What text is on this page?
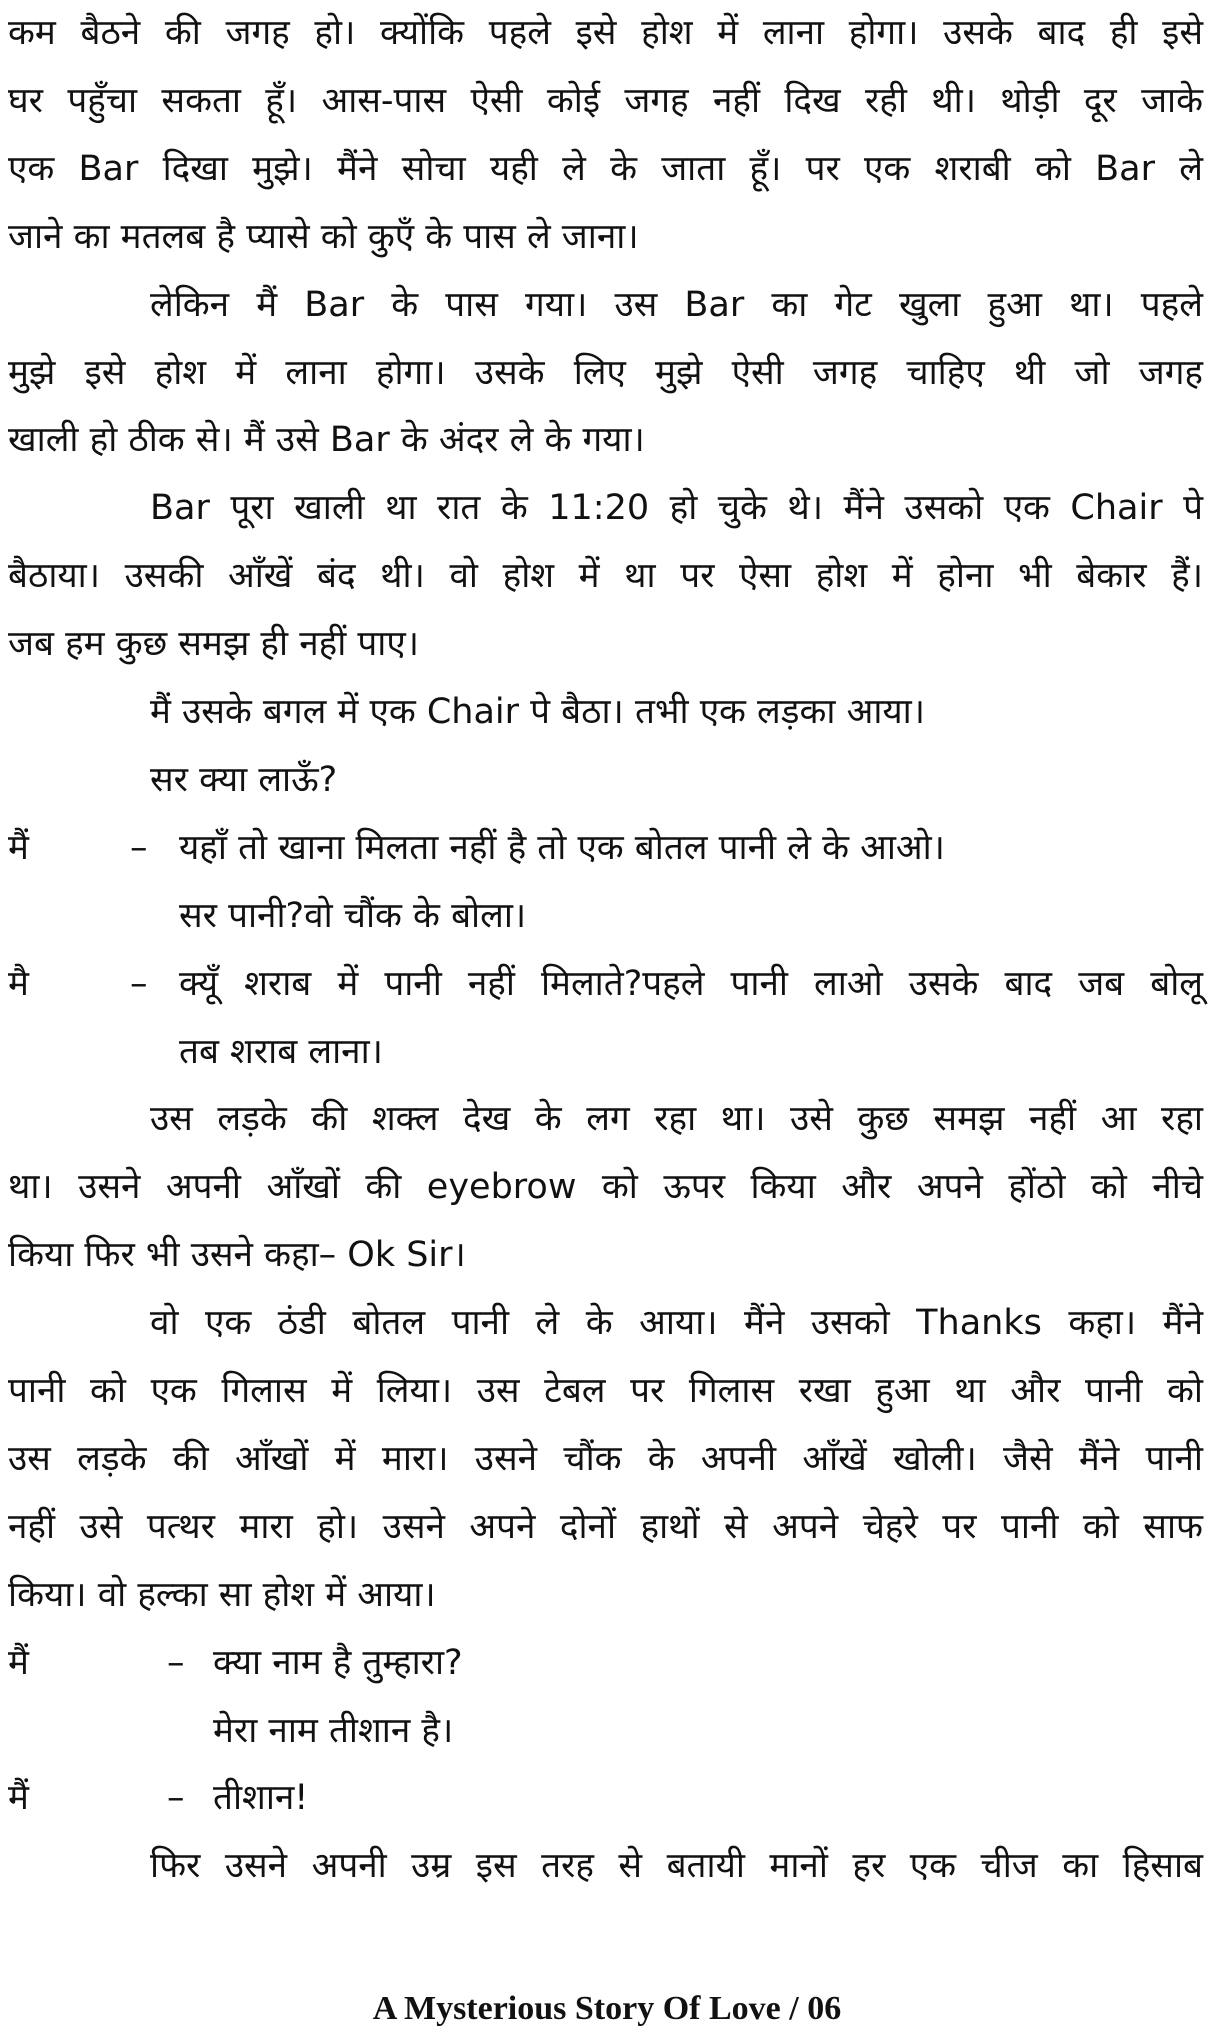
कम बैठने की जगह हो। क्योंकि पहले इसे होश में लाना होगा। उसके बाद ही इसे
घर पहुँचा सकता हूँ। आस-पास ऐसी कोई जगह नहीं दिख रही थी। थोड़ी दूर जाके
एक Bar दिखा मुझे। मैंने सोचा यही ले के जाता हूँ। पर एक शराबी को Bar ले
जाने का मतलब है प्यासे को कुएँ के पास ले जाना।
लेकिन मैं Bar के पास गया। उस Bar का गेट खुला हुआ था। पहले
मुझे इसे होश में लाना होगा। उसके लिए मुझे ऐसी जगह चाहिए थी जो जगह
खाली हो ठीक से। मैं उसे Bar के अंदर ले के गया।
Bar पूरा खाली था रात के 11:20 हो चुके थे। मैंने उसको एक Chair पे
बैठाया। उसकी आँखें बंद थी। वो होश में था पर ऐसा होश में होना भी बेकार हैं।
जब हम कुछ समझ ही नहीं पाए।
मैं उसके बगल में एक Chair पे बैठा। तभी एक लड़का आया।
सर क्या लाऊँ?
मैं	– यहाँ तो खाना मिलता नहीं है तो एक बोतल पानी ले के आओ।
सर पानी?वो चौंक के बोला।
मै	– क्यूँ शराब में पानी नहीं मिलाते?पहले पानी लाओ उसके बाद जब बोलू
तब शराब लाना।
उस लड़के की शक्ल देख के लग रहा था। उसे कुछ समझ नहीं आ रहा
था। उसने अपनी आँखों की eyebrow को ऊपर किया और अपने होंठो को नीचे
किया फिर भी उसने कहा– Ok Sir।
वो एक ठंडी बोतल पानी ले के आया। मैंने उसको Thanks कहा। मैंने
पानी को एक गिलास में लिया। उस टेबल पर गिलास रखा हुआ था और पानी को
उस लड़के की आँखों में मारा। उसने चौंक के अपनी आँखें खोली। जैसे मैंने पानी
नहीं उसे पत्थर मारा हो। उसने अपने दोनों हाथों से अपने चेहरे पर पानी को साफ
किया। वो हल्का सा होश में आया।
मैं	– क्या नाम है तुम्हारा?
मेरा नाम तीशान है।
मैं	– तीशान!
फिर उसने अपनी उम्र इस तरह से बतायी मानों हर एक चीज का हिसाब
A Mysterious Story Of Love / 06
